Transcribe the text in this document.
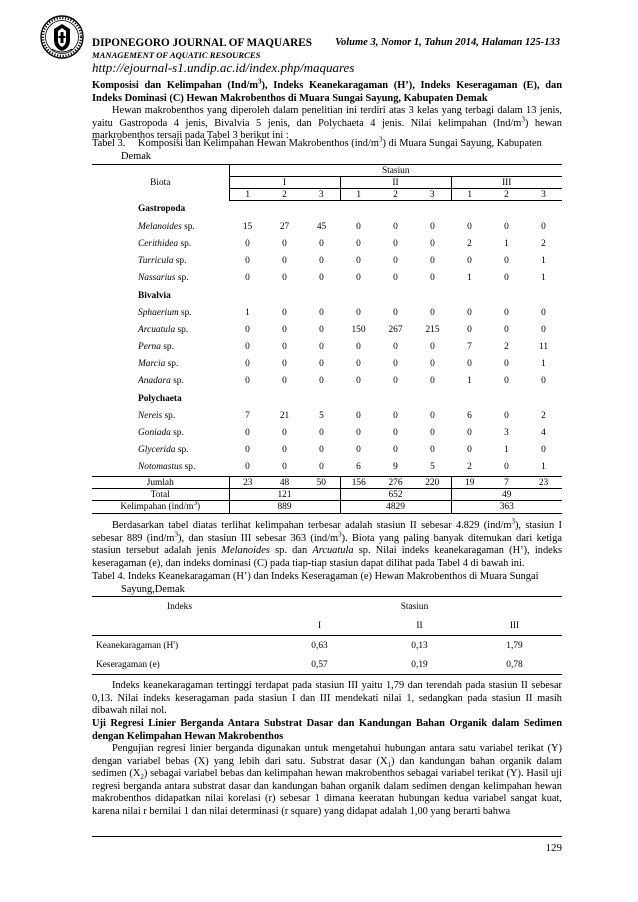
DIPONEGORO JOURNAL OF MAQUARES Volume 3, Nomor 1, Tahun 2014, Halaman 125-133
MANAGEMENT OF AQUATIC RESOURCES
http://ejournal-s1.undip.ac.id/index.php/maquares
Komposisi dan Kelimpahan $(Ind/m^3)$, Indeks Keanekaragaman (H’), Indeks Keseragaman (E), dan Indeks Dominasi (C) Hewan Makrobenthos di Muara Sungai Sayung, Kabupaten Demak
Hewan makrobenthos yang diperoleh dalam penelitian ini terdiri atas 3 kelas yang terbagi dalam 13 jenis, yaitu Gastropoda 4 jenis, Bivalvia 5 jenis, dan Polychaeta 4 jenis. Nilai kelimpahan $(Ind/m^3)$ hewan markrobenthos tersaji pada Tabel 3 berikut ini :
Tabel 3. Komposisi dan Kelimpahan Hewan Makrobenthos $(ind/m^3)$ di Muara Sungai Sayung, Kabupaten
Demak
Biota	Stasiun								
	I			II			III		
	1	2	3	1	2	3	1	2	3
Gastropoda									
Melanoides sp.	15	27	45	0	0	0	0	0	0
Cerithidea sp.	0	0	0	0	0	0	2	1	2
Turricula sp.	0	0	0	0	0	0	0	0	1
Nassarius sp.	0	0	0	0	0	0	1	0	1
Bivalvia									
Sphaerium sp.	1	0	0	0	0	0	0	0	0
Arcuatula sp.	0	0	0	150	267	215	0	0	0
Perna sp.	0	0	0	0	0	0	7	2	11
Marcia sp.	0	0	0	0	0	0	0	0	1
Anadara sp.	0	0	0	0	0	0	1	0	0
Polychaeta									
Nereis sp.	7	21	5	0	0	0	6	0	2
Goniada sp.	0	0	0	0	0	0	0	3	4
Glycerida sp.	0	0	0	0	0	0	0	1	0
Notomastus sp.	0	0	0	6	9	5	2	0	1
Jumlah	23	48	50	156	276	220	19	7	23
Total	121			652			49		
Kelimpahan $(ind/m^3)$	889			4829			363		
Berdasarkan tabel diatas terlihat kelimpahan terbesar adalah stasiun II sebesar 4.829 $(ind/m^3)$, stasiun I sebesar 889 $(ind/m^3)$, dan stasiun III sebesar 363 $(ind/m^3)$. Biota yang paling banyak ditemukan dari ketiga stasiun tersebut adalah jenis Melanoides sp. dan Arcuatula sp. Nilai indeks keanekaragaman (H’), indeks keseragaman (e), dan indeks dominasi (C) pada tiap-tiap stasiun dapat dilihat pada Tabel 4 di bawah ini.
Tabel 4. Indeks Keanekaragaman (H’) dan Indeks Keseragaman (e) Hewan Makrobenthos di Muara Sungai
Sayung,Demak
Indeks	Stasiun		
	I	II	III
Keanekaragaman (H')	0,63	0,13	1,79
Keseragaman (e)	0,57	0,19	0,78
Indeks keanekaragaman tertinggi terdapat pada stasiun III yaitu 1,79 dan terendah pada stasiun II sebesar 0,13. Nilai indeks keseragaman pada stasiun I dan III mendekati nilai 1, sedangkan pada stasiun II masih dibawah nilai nol.
Uji Regresi Linier Berganda Antara Substrat Dasar dan Kandungan Bahan Organik dalam Sedimen dengan Kelimpahan Hewan Makrobenthos
Pengujian regresi linier berganda digunakan untuk mengetahui hubungan antara satu variabel terikat (Y) dengan variabel bebas (X) yang lebih dari satu. Substrat dasar $(X_1)$ dan kandungan bahan organik dalam sedimen $(X_2)$ sebagai variabel bebas dan kelimpahan hewan makrobenthos sebagai variabel terikat (Y). Hasil uji regresi berganda antara substrat dasar dan kandungan bahan organik dalam sedimen dengan kelimpahan hewan makrobenthos didapatkan nilai korelasi (r) sebesar 1 dimana keeratan hubungan kedua variabel sangat kuat, karena nilai r bernilai 1 dan nilai determinasi (r square) yang didapat adalah 1,00 yang berarti bahwa
129
